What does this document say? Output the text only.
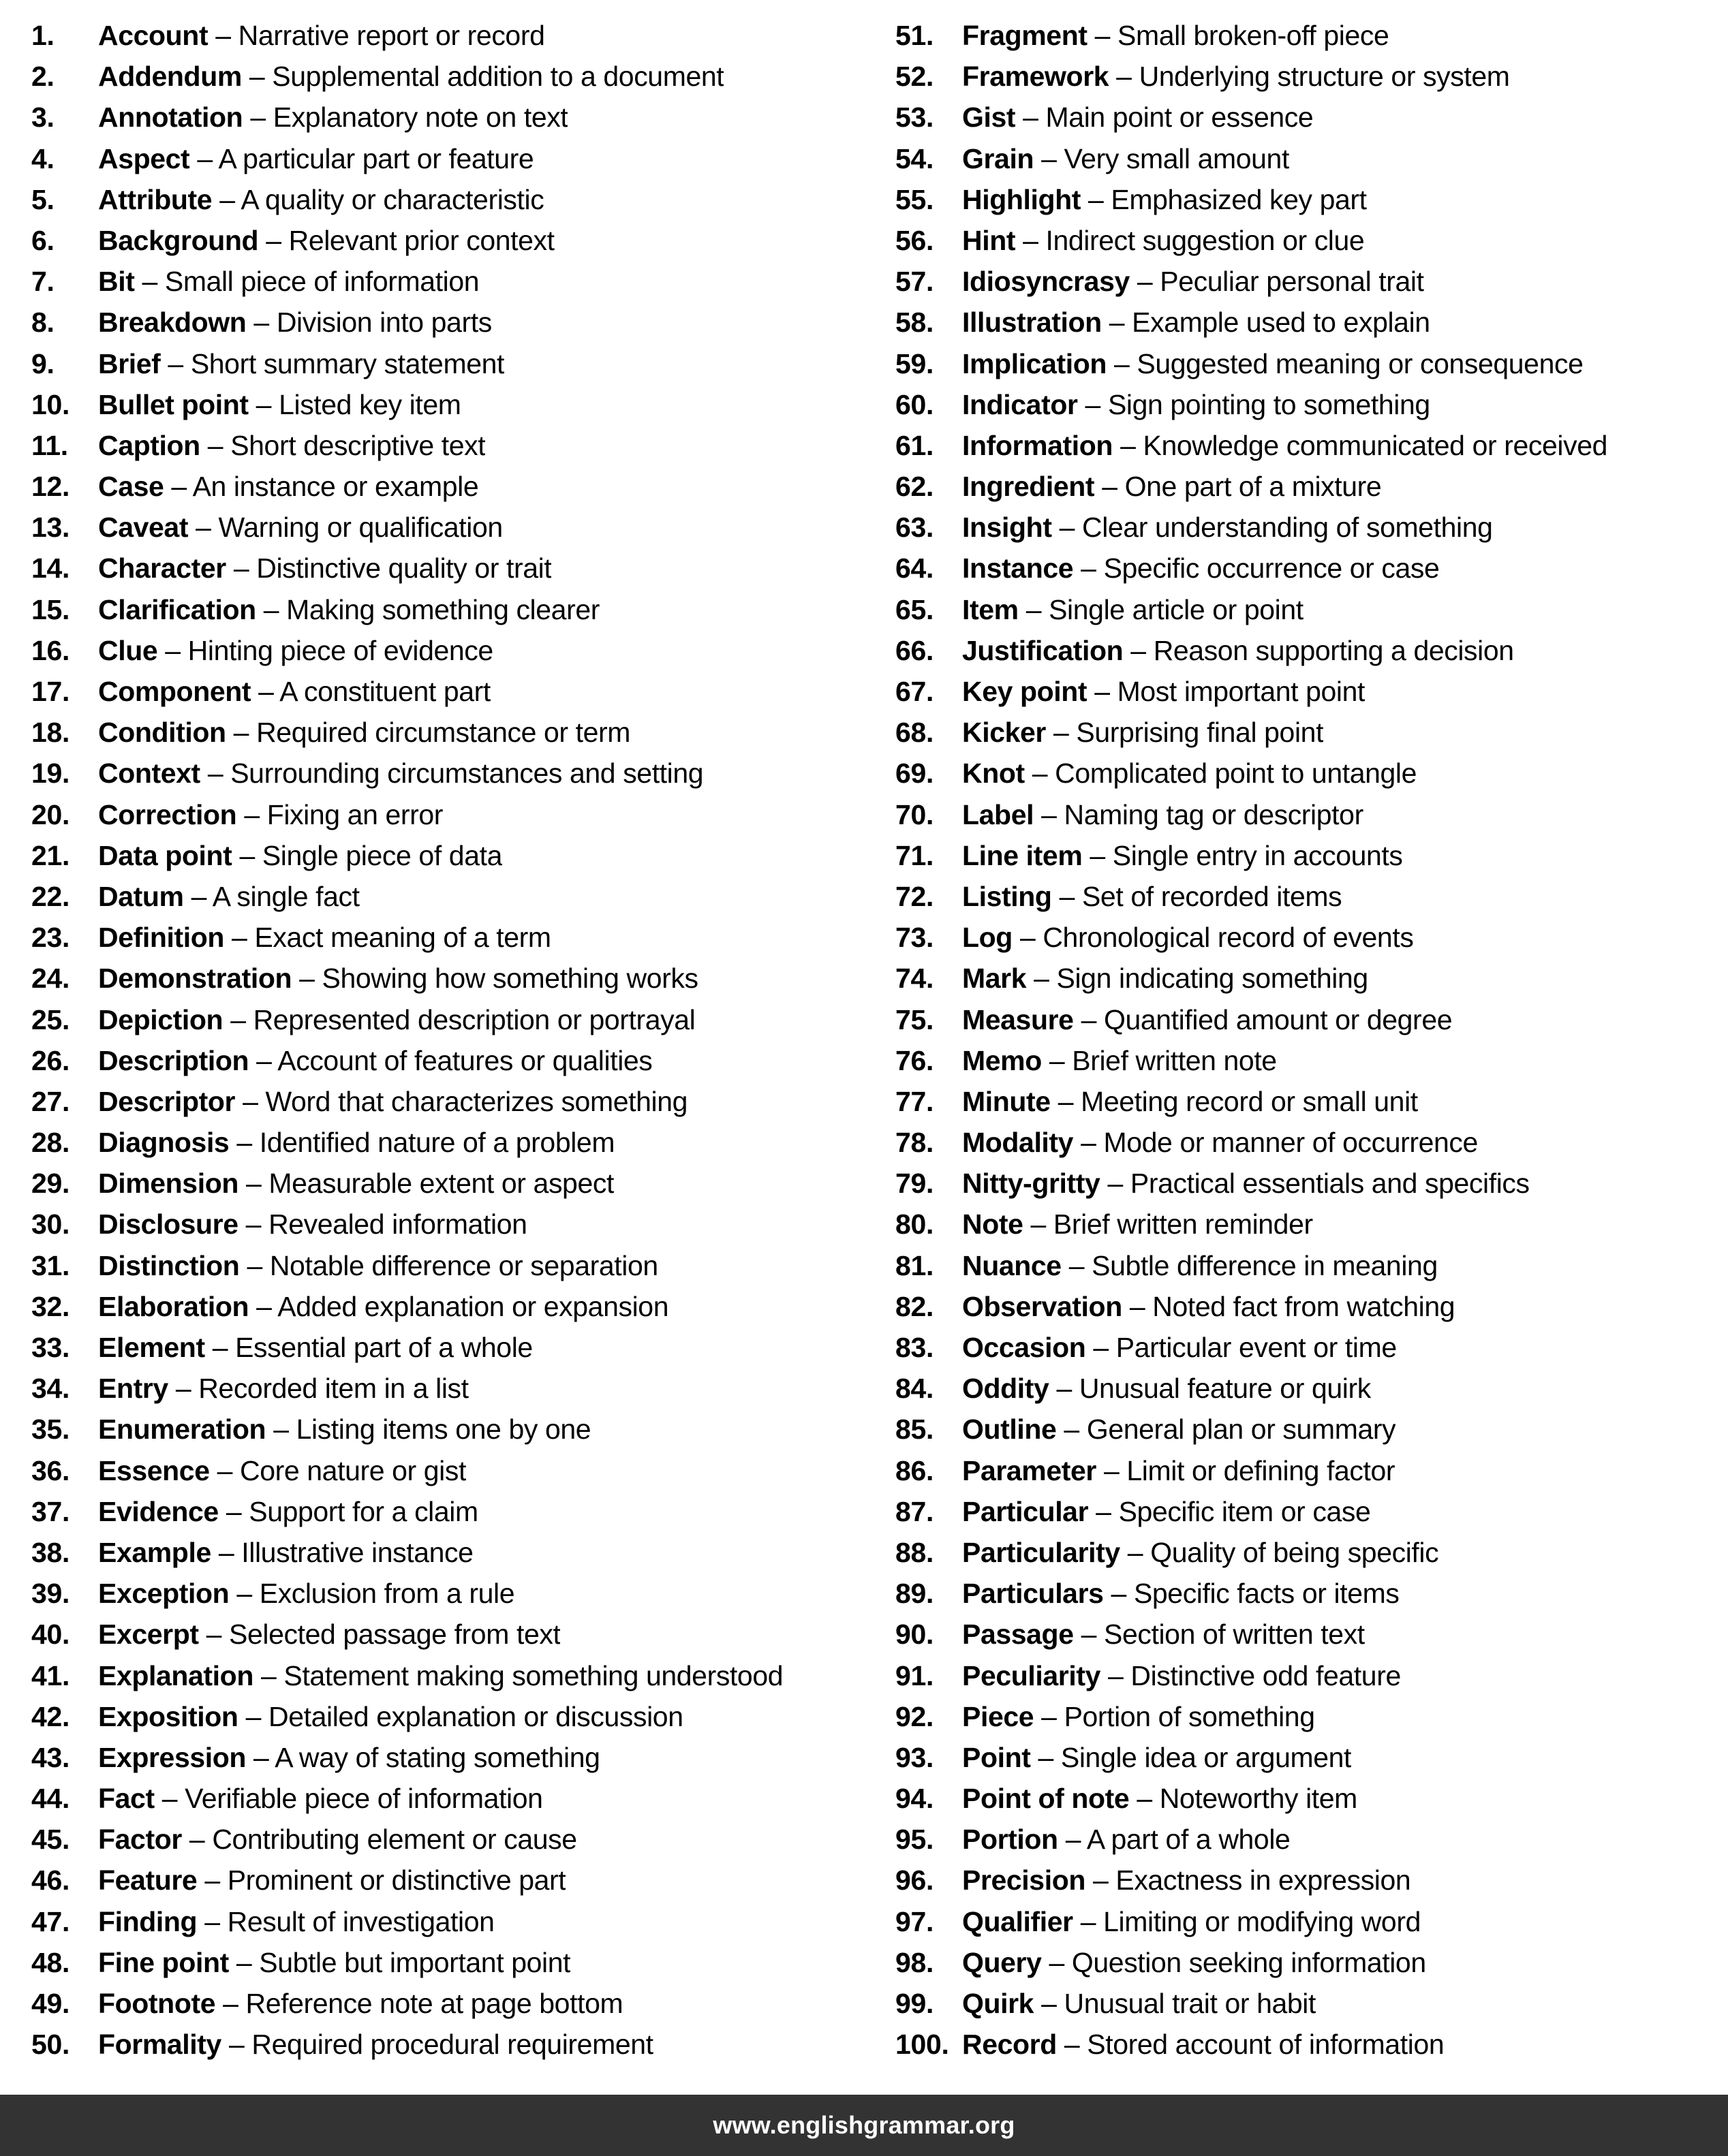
1.	Account – Narrative report or record
2.	Addendum – Supplemental addition to a document
3.	Annotation – Explanatory note on text
4.	Aspect – A particular part or feature
5.	Attribute – A quality or characteristic
6.	Background – Relevant prior context
7.	Bit – Small piece of information
8.	Breakdown – Division into parts
9.	Brief – Short summary statement
10.	Bullet point – Listed key item
11.	Caption – Short descriptive text
12.	Case – An instance or example
13.	Caveat – Warning or qualification
14.	Character – Distinctive quality or trait
15.	Clarification – Making something clearer
16.	Clue – Hinting piece of evidence
17.	Component – A constituent part
18.	Condition – Required circumstance or term
19.	Context – Surrounding circumstances and setting
20.	Correction – Fixing an error
21.	Data point – Single piece of data
22.	Datum – A single fact
23.	Definition – Exact meaning of a term
24.	Demonstration – Showing how something works
25.	Depiction – Represented description or portrayal
26.	Description – Account of features or qualities
27.	Descriptor – Word that characterizes something
28.	Diagnosis – Identified nature of a problem
29.	Dimension – Measurable extent or aspect
30.	Disclosure – Revealed information
31.	Distinction – Notable difference or separation
32.	Elaboration – Added explanation or expansion
33.	Element – Essential part of a whole
34.	Entry – Recorded item in a list
35.	Enumeration – Listing items one by one
36.	Essence – Core nature or gist
37.	Evidence – Support for a claim
38.	Example – Illustrative instance
39.	Exception – Exclusion from a rule
40.	Excerpt – Selected passage from text
41.	Explanation – Statement making something understood
42.	Exposition – Detailed explanation or discussion
43.	Expression – A way of stating something
44.	Fact – Verifiable piece of information
45.	Factor – Contributing element or cause
46.	Feature – Prominent or distinctive part
47.	Finding – Result of investigation
48.	Fine point – Subtle but important point
49.	Footnote – Reference note at page bottom
50.	Formality – Required procedural requirement
51.	Fragment – Small broken-off piece
52.	Framework – Underlying structure or system
53.	Gist – Main point or essence
54.	Grain – Very small amount
55.	Highlight – Emphasized key part
56.	Hint – Indirect suggestion or clue
57.	Idiosyncrasy – Peculiar personal trait
58.	Illustration – Example used to explain
59.	Implication – Suggested meaning or consequence
60.	Indicator – Sign pointing to something
61.	Information – Knowledge communicated or received
62.	Ingredient – One part of a mixture
63.	Insight – Clear understanding of something
64.	Instance – Specific occurrence or case
65.	Item – Single article or point
66.	Justification – Reason supporting a decision
67.	Key point – Most important point
68.	Kicker – Surprising final point
69.	Knot – Complicated point to untangle
70.	Label – Naming tag or descriptor
71.	Line item – Single entry in accounts
72.	Listing – Set of recorded items
73.	Log – Chronological record of events
74.	Mark – Sign indicating something
75.	Measure – Quantified amount or degree
76.	Memo – Brief written note
77.	Minute – Meeting record or small unit
78.	Modality – Mode or manner of occurrence
79.	Nitty-gritty – Practical essentials and specifics
80.	Note – Brief written reminder
81.	Nuance – Subtle difference in meaning
82.	Observation – Noted fact from watching
83.	Occasion – Particular event or time
84.	Oddity – Unusual feature or quirk
85.	Outline – General plan or summary
86.	Parameter – Limit or defining factor
87.	Particular – Specific item or case
88.	Particularity – Quality of being specific
89.	Particulars – Specific facts or items
90.	Passage – Section of written text
91.	Peculiarity – Distinctive odd feature
92.	Piece – Portion of something
93.	Point – Single idea or argument
94.	Point of note – Noteworthy item
95.	Portion – A part of a whole
96.	Precision – Exactness in expression
97.	Qualifier – Limiting or modifying word
98.	Query – Question seeking information
99.	Quirk – Unusual trait or habit
100. Record – Stored account of information
www.englishgrammar.org
